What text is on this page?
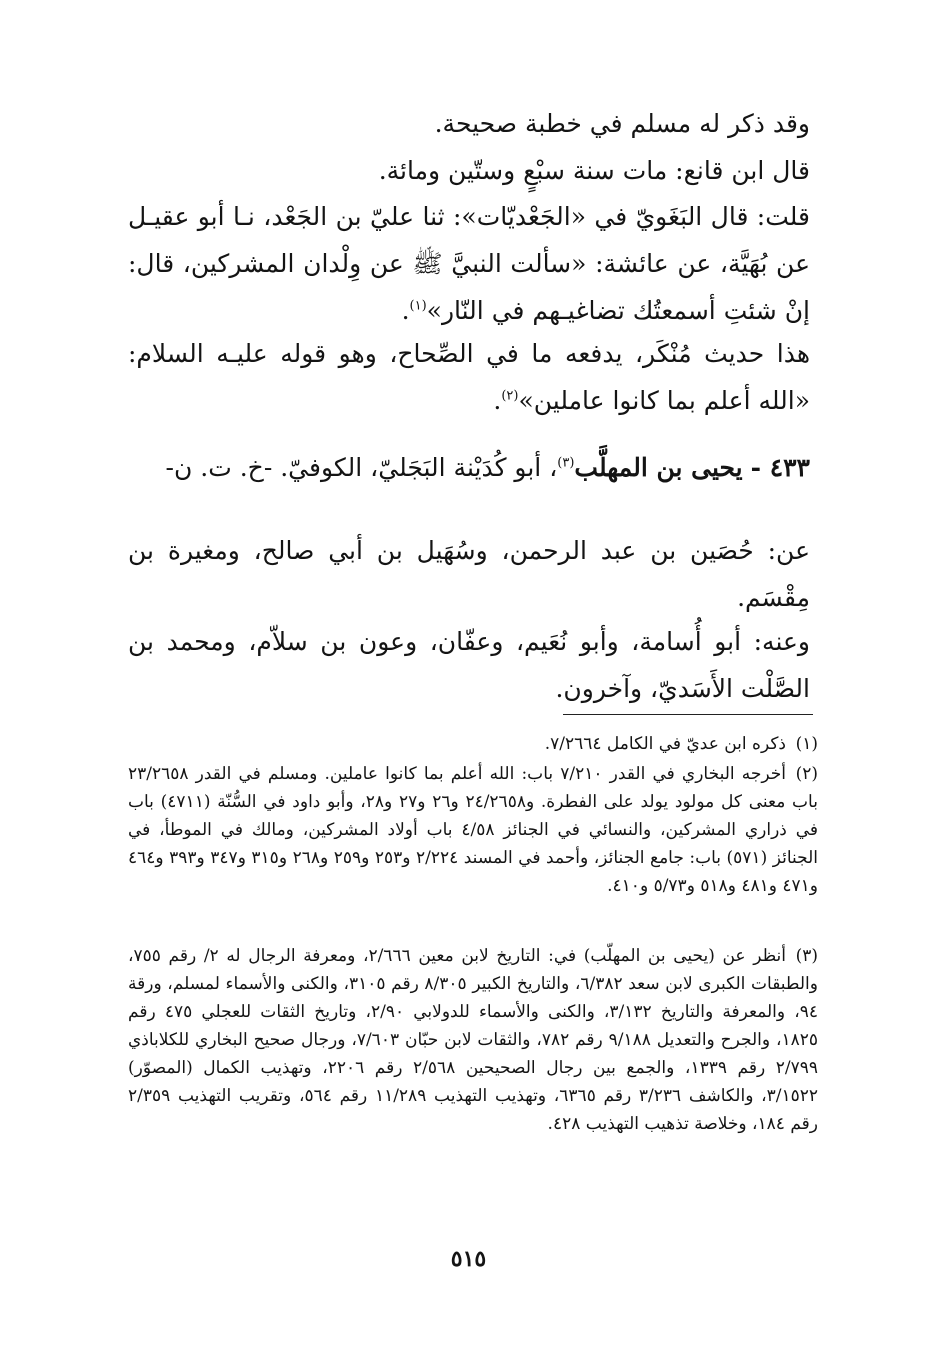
وقد ذكر له مسلم في خطبة صحيحة.

قال ابن قانع: مات سنة سبْعٍ وستّين ومائة.

قلت: قال البَغَويّ في «الجَعْديّات»: ثنا عليّ بن الجَعْد، نـا أبو عقيـل عن بُهَيَّة، عن عائشة: «سألت النبيَّ ﷺ عن وِلْدان المشركين، قال: إنْ شئتِ أسمعتُك تضاغيـهم في النّار»$^{(١)}$.

هذا حديث مُنْكَر، يدفعه ما في الصِّحاح، وهو قوله عليـه السلام: «الله أعلم بما كانوا عاملين»$^{(٢)}$.

٤٣٣ - يحيى بن المهلَّب$^{(٣)}$، أبو كُدَيْنة البَجَليّ، الكوفيّ. -خ. ت. ن-

عن: حُصَين بن عبد الرحمن، وسُهَيل بن أبي صالح، ومغيرة بن مِقْسَم.

وعنه: أبو أُسامة، وأبو نُعَيم، وعفّان، وعون بن سلاّم، ومحمد بن الصَّلْت الأَسَديّ، وآخرون.

(١)ذكره ابن عديّ في الكامل ٧/٢٦٦٤.
(٢)أخرجه البخاري في القدر ٧/٢١٠ باب: الله أعلم بما كانوا عاملين. ومسلم في القدر ٢٣/٢٦٥٨ باب معنى كل مولود يولد على الفطرة. و٢٤/٢٦٥٨ و٢٦ و٢٧ و٢٨، وأبو داود في السُّنّة (٤٧١١) باب في ذراري المشركين، والنسائي في الجنائز ٤/٥٨ باب أولاد المشركين، ومالك في الموطأ، في الجنائز (٥٧١) باب: جامع الجنائز، وأحمد في المسند ٢/٢٢٤ و٢٥٣ و٢٥٩ و٢٦٨ و٣١٥ و٣٤٧ و٣٩٣ و٤٦٤ و٤٧١ و٤٨١ و٥١٨ و٥/٧٣ و٤١٠.
(٣)أنظر عن (يحيى بن المهلّب) في: التاريخ لابن معين ٢/٦٦٦، ومعرفة الرجال له ٢/ رقم ٧٥٥، والطبقات الكبرى لابن سعد ٦/٣٨٢، والتاريخ الكبير ٨/٣٠٥ رقم ٣١٠٥، والكنى والأسماء لمسلم، ورقة ٩٤، والمعرفة والتاريخ ٣/١٣٢، والكنى والأسماء للدولابي ٢/٩٠، وتاريخ الثقات للعجلي ٤٧٥ رقم ١٨٢٥، والجرح والتعديل ٩/١٨٨ رقم ٧٨٢، والثقات لابن حبّان ٧/٦٠٣، ورجال صحيح البخاري للكلاباذي ٢/٧٩٩ رقم ١٣٣٩، والجمع بين رجال الصحيحين ٢/٥٦٨ رقم ٢٢٠٦، وتهذيب الكمال (المصوّر) ٣/١٥٢٢، والكاشف ٣/٢٣٦ رقم ٦٣٦٥، وتهذيب التهذيب ١١/٢٨٩ رقم ٥٦٤، وتقريب التهذيب ٢/٣٥٩ رقم ١٨٤، وخلاصة تذهيب التهذيب ٤٢٨.
٥١٥
